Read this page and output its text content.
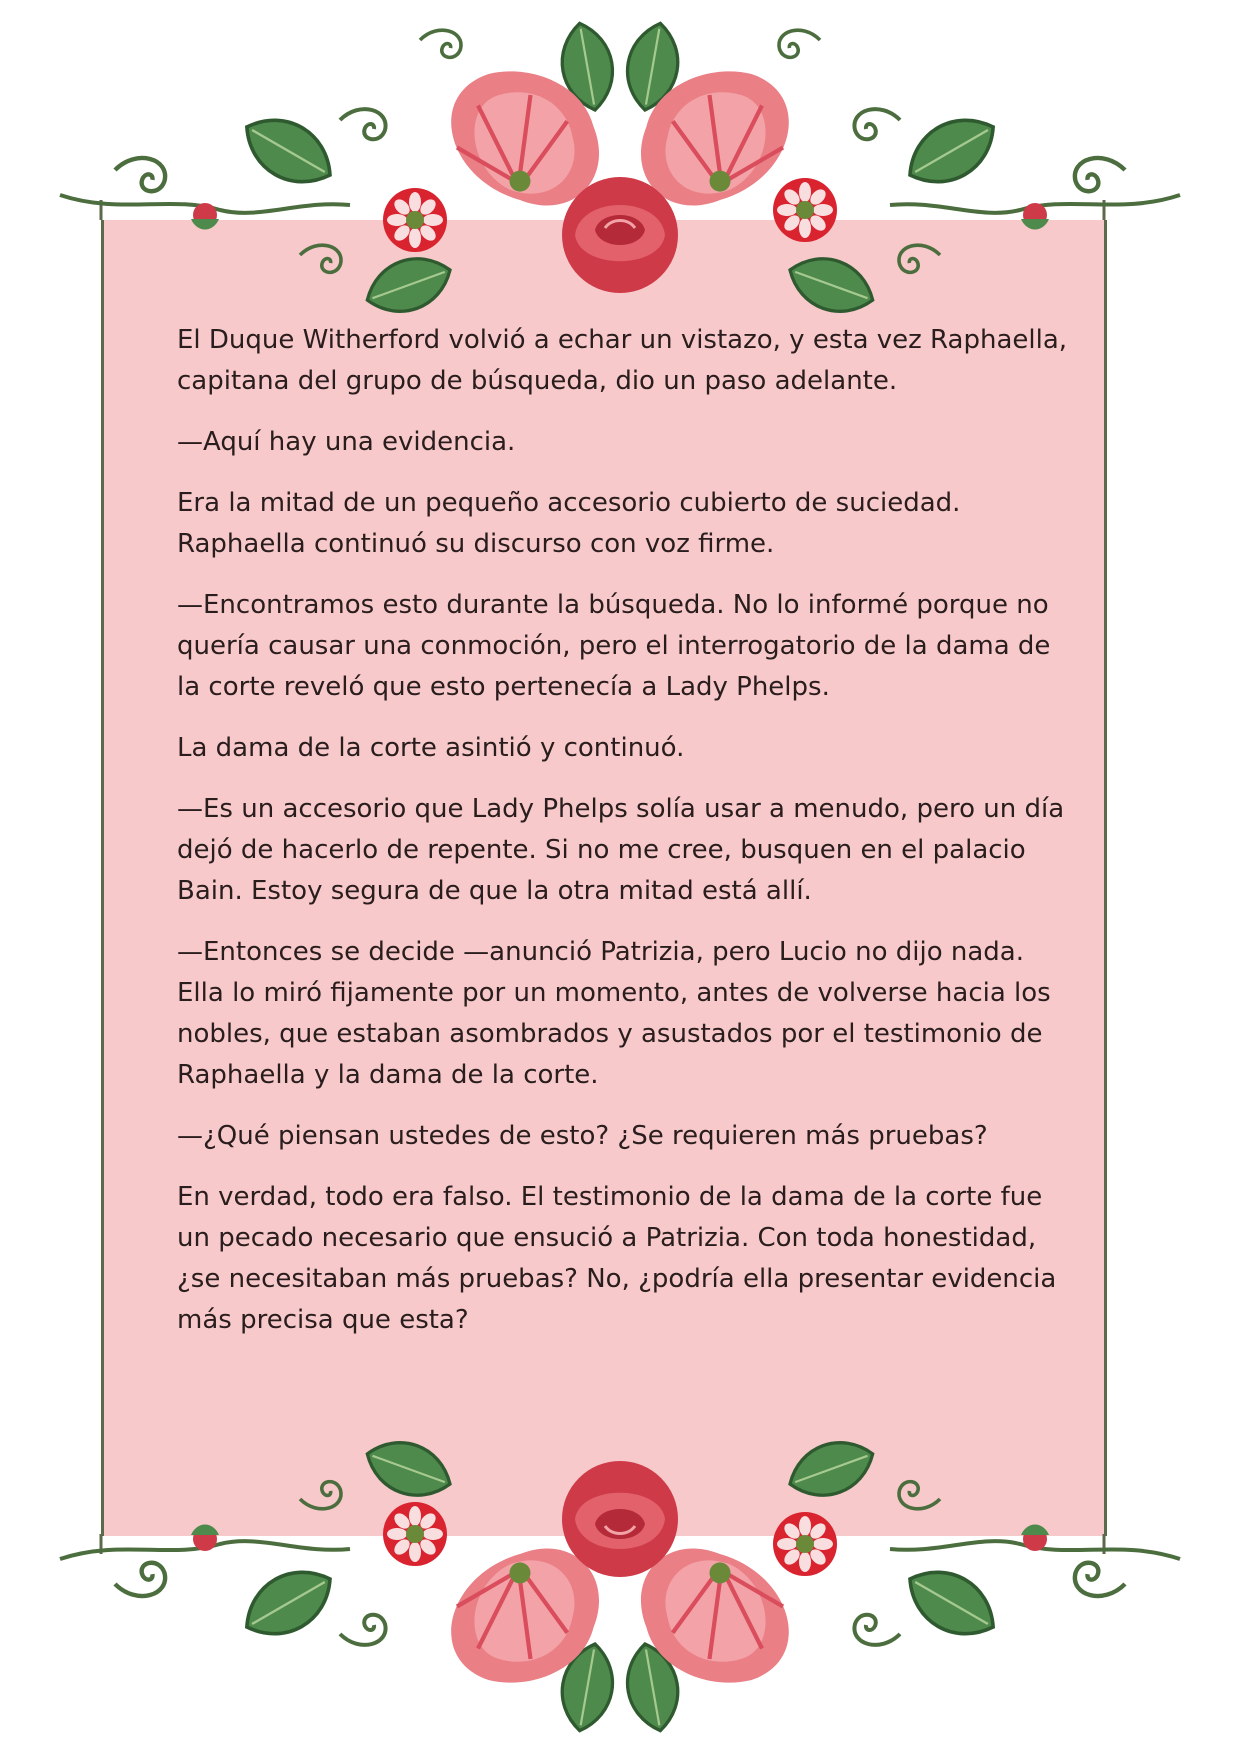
El Duque Witherford volvió a echar un vistazo, y esta vez Raphaella, capitana del grupo de búsqueda, dio un paso adelante.

—Aquí hay una evidencia.

Era la mitad de un pequeño accesorio cubierto de suciedad. Raphaella continuó su discurso con voz firme.

—Encontramos esto durante la búsqueda. No lo informé porque no quería causar una conmoción, pero el interrogatorio de la dama de la corte reveló que esto pertenecía a Lady Phelps.

La dama de la corte asintió y continuó.

—Es un accesorio que Lady Phelps solía usar a menudo, pero un día dejó de hacerlo de repente. Si no me cree, busquen en el palacio Bain. Estoy segura de que la otra mitad está allí.

—Entonces se decide —anunció Patrizia, pero Lucio no dijo nada. Ella lo miró fijamente por un momento, antes de volverse hacia los nobles, que estaban asombrados y asustados por el testimonio de Raphaella y la dama de la corte.

—¿Qué piensan ustedes de esto? ¿Se requieren más pruebas?

En verdad, todo era falso. El testimonio de la dama de la corte fue un pecado necesario que ensució a Patrizia. Con toda honestidad, ¿se necesitaban más pruebas? No, ¿podría ella presentar evidencia más precisa que esta?
